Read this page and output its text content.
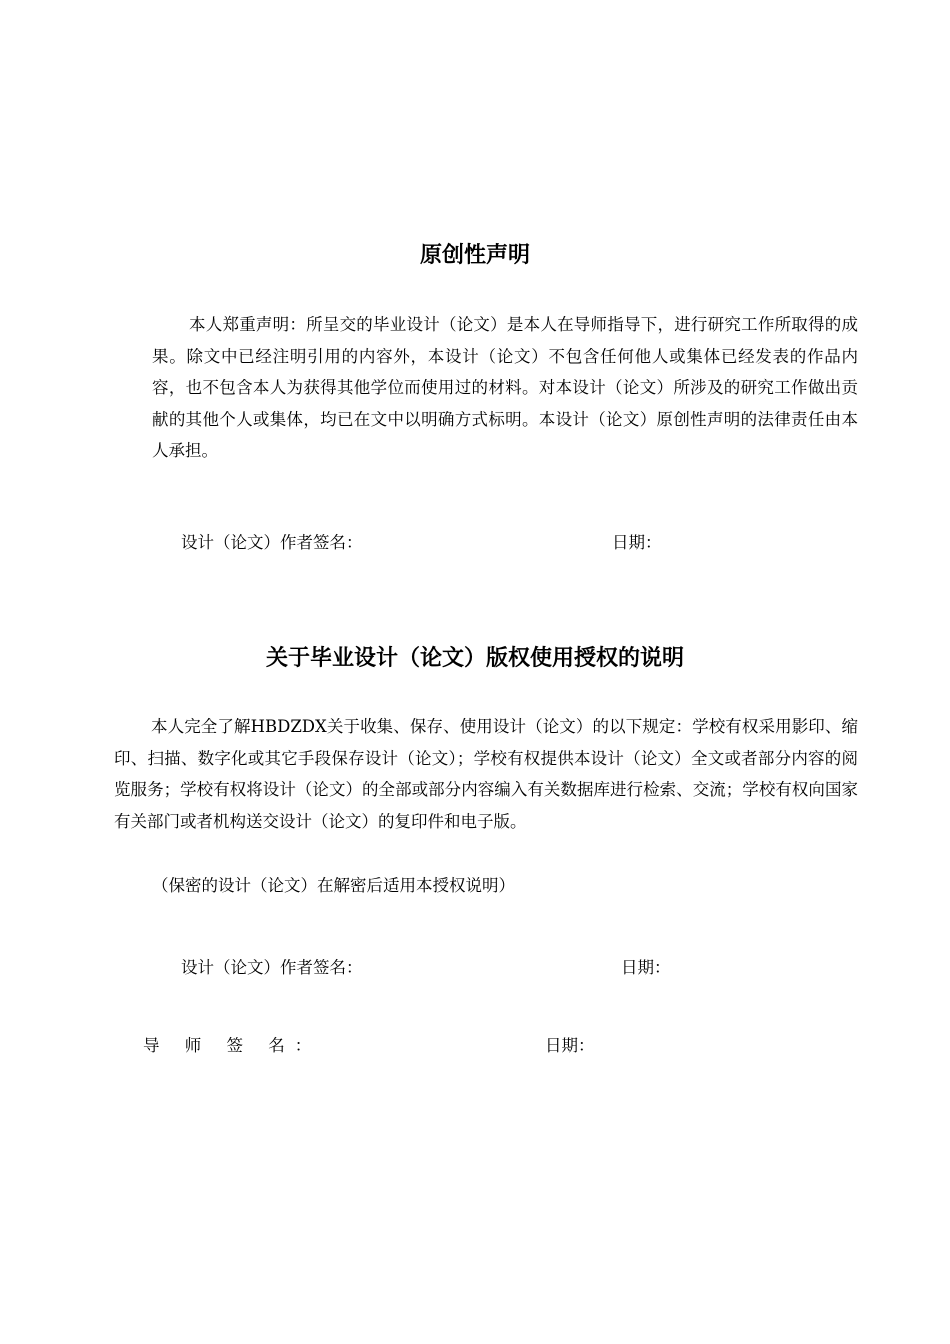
原创性声明

本人郑重声明：所呈交的毕业设计（论文）是本人在导师指导下，进行研究工作所取得的成果。除文中已经注明引用的内容外，本设计（论文）不包含任何他人或集体已经发表的作品内容，也不包含本人为获得其他学位而使用过的材料。对本设计（论文）所涉及的研究工作做出贡献的其他个人或集体，均已在文中以明确方式标明。本设计（论文）原创性声明的法律责任由本人承担。

设计（论文）作者签名：	日期：
关于毕业设计（论文）版权使用授权的说明

本人完全了解HBDZDX关于收集、保存、使用设计（论文）的以下规定：学校有权采用影印、缩印、扫描、数字化或其它手段保存设计（论文）；学校有权提供本设计（论文）全文或者部分内容的阅览服务；学校有权将设计（论文）的全部或部分内容编入有关数据库进行检索、交流；学校有权向国家有关部门或者机构送交设计（论文）的复印件和电子版。

（保密的设计（论文）在解密后适用本授权说明）
设计（论文）作者签名：	日期：
导 师 签 名：	日期：
